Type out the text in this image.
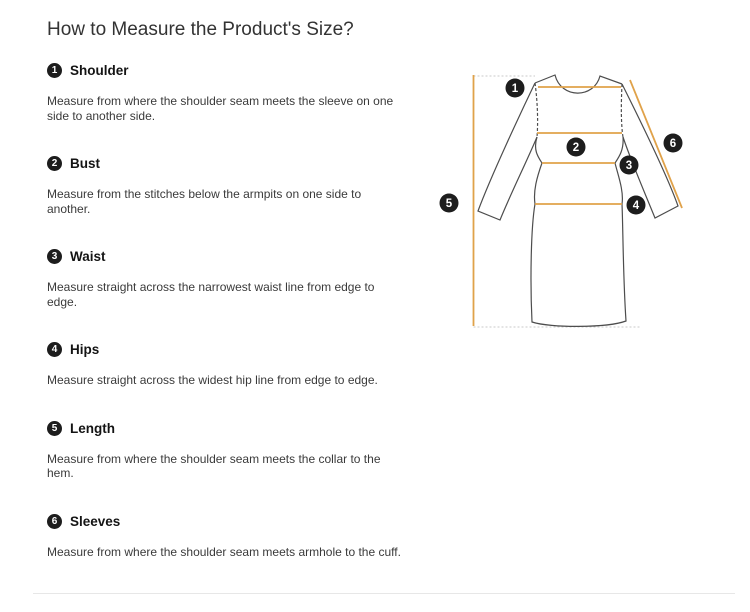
How to Measure the Product's Size?
1 Shoulder
Measure from where the shoulder seam meets the sleeve on one side to another side.
2 Bust
Measure from the stitches below the armpits on one side to another.
3 Waist
Measure straight across the narrowest waist line from edge to edge.
4 Hips
Measure straight across the widest hip line from edge to edge.
5 Length
Measure from where the shoulder seam meets the collar to the hem.
6 Sleeves
Measure from where the shoulder seam meets armhole to the cuff.
1
2
3
4
5
6
